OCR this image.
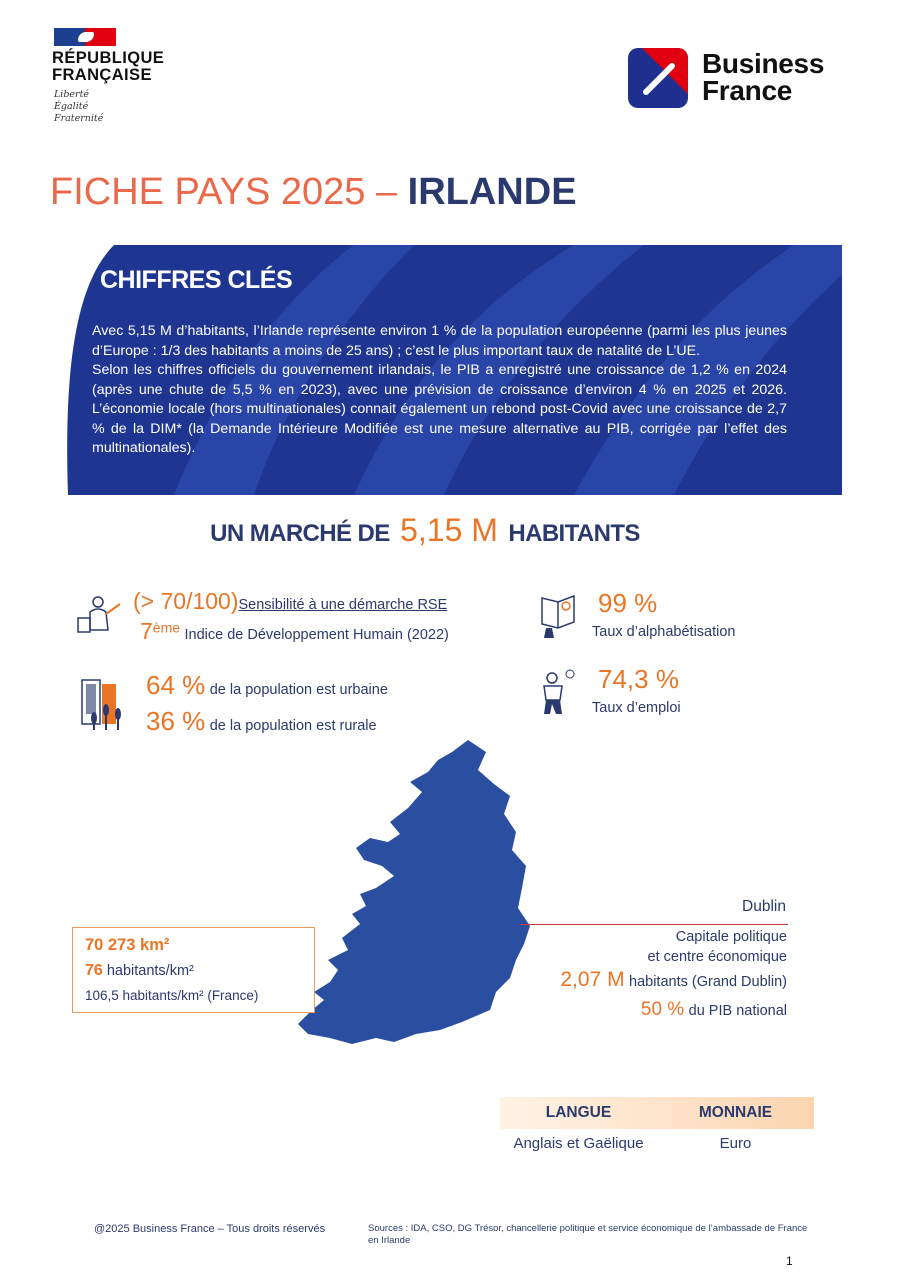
RÉPUBLIQUE
FRANÇAISE
Liberté
Égalité
Fraternité
Business
France
FICHE PAYS 2025 – IRLANDE
CHIFFRES CLÉS

Avec 5,15 M d’habitants, l’Irlande représente environ 1 % de la population européenne (parmi les plus jeunes d’Europe : 1/3 des habitants a moins de 25 ans) ; c’est le plus important taux de natalité de L’UE.

Selon les chiffres officiels du gouvernement irlandais, le PIB a enregistré une croissance de 1,2 % en 2024 (après une chute de 5,5 % en 2023), avec une prévision de croissance d’environ 4 % en 2025 et 2026. L’économie locale (hors multinationales) connait également un rebond post-Covid avec une croissance de 2,7 % de la DIM* (la Demande Intérieure Modifiée est une mesure alternative au PIB, corrigée par l’effet des multinationales).

UN MARCHÉ DE 5,15 M HABITANTS
(> 70/100)Sensibilité à une démarche RSE
7ème Indice de Développement Humain (2022)
64 % de la population est urbaine
36 % de la population est rurale
99 %
Taux d’alphabétisation
74,3 %
Taux d’emploi
70 273 km²
76 habitants/km²
106,5 habitants/km² (France)
Dublin
Capitale politique
et centre économique
2,07 M habitants (Grand Dublin)
50 % du PIB national
LANGUE	MONNAIE
Anglais et Gaëlique	Euro
@2025 Business France – Tous droits réservés	Sources : IDA, CSO, DG Trésor, chancellerie politique et service économique de l’ambassade de France en Irlande
1
